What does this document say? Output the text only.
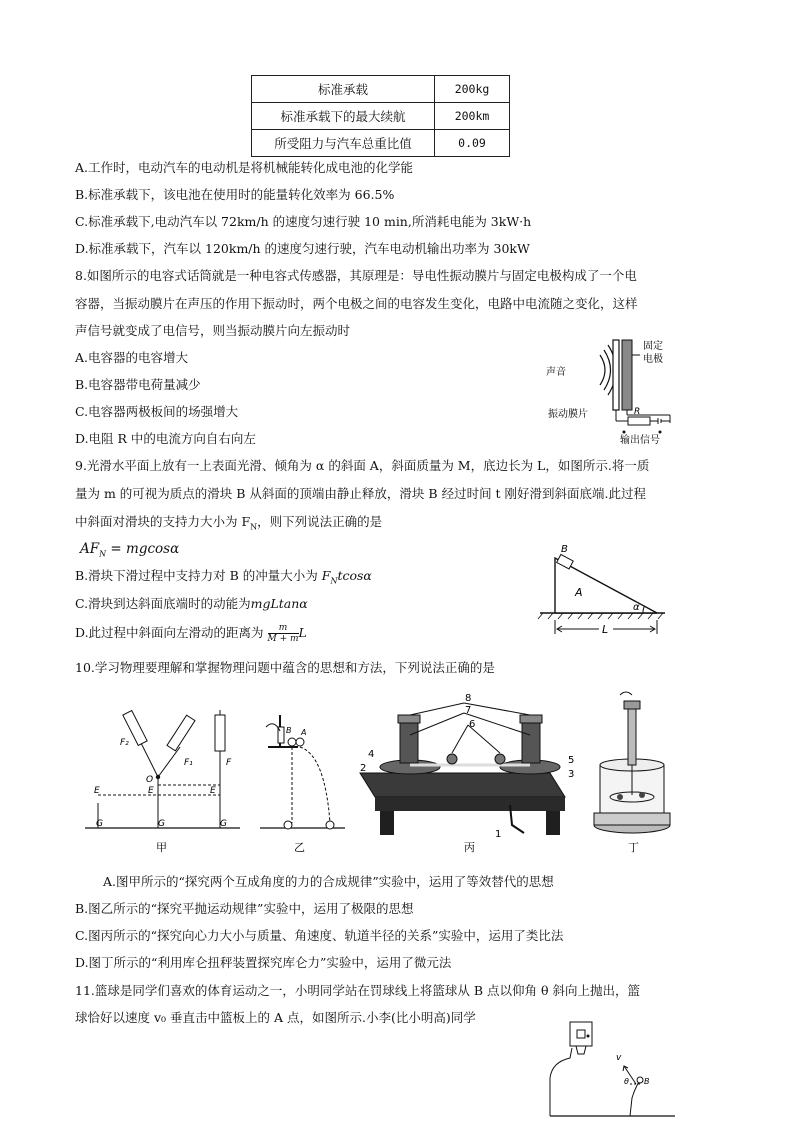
标准承载	200kg
标准承载下的最大续航	200km
所受阻力与汽车总重比值	0.09
A.工作时，电动汽车的电动机是将机械能转化成电池的化学能
B.标准承载下，该电池在使用时的能量转化效率为 66.5%
C.标准承载下,电动汽车以 72km/h 的速度匀速行驶 10 min,所消耗电能为 3kW·h
D.标准承载下，汽车以 120km/h 的速度匀速行驶，汽车电动机输出功率为 30kW
8.如图所示的电容式话筒就是一种电容式传感器，其原理是：导电性振动膜片与固定电极构成了一个电
容器，当振动膜片在声压的作用下振动时，两个电极之间的电容发生变化，电路中电流随之变化，这样
声信号就变成了电信号，则当振动膜片向左振动时
A.电容器的电容增大
B.电容器带电荷量减少
C.电容器两极板间的场强增大
D.电阻 R 中的电流方向自右向左
声音
固定
电极
R
振动膜片
输出信号
9.光滑水平面上放有一上表面光滑、倾角为 α 的斜面 A，斜面质量为 M，底边长为 L，如图所示.将一质
量为 m 的可视为质点的滑块 B 从斜面的顶端由静止释放，滑块 B 经过时间 t 刚好滑到斜面底端.此过程
中斜面对滑块的支持力大小为 $F_N$，则下列说法正确的是
$AF_N = mgcos\alpha$
B.滑块下滑过程中支持力对 B 的冲量大小为 $F_Ntcos\alpha$
C.滑块到达斜面底端时的动能为mgLtanα
D.此过程中斜面向左滑动的距离为 $\frac{m}{M + m}$ L
B
A
α
L
10.学习物理要理解和掌握物理问题中蕴含的思想和方法，下列说法正确的是
F₂
F₁	F
O
E	E	E
G	G	G
甲
B A
乙
8
7
6
4
2
5
3
1
丙	丁
A.图甲所示的“探究两个互成角度的力的合成规律”实验中，运用了等效替代的思想
B.图乙所示的“探究平抛运动规律”实验中，运用了极限的思想
C.图丙所示的“探究向心力大小与质量、角速度、轨道半径的关系”实验中，运用了类比法
D.图丁所示的“利用库仑扭秤装置探究库仑力”实验中，运用了微元法
11.篮球是同学们喜欢的体育运动之一，小明同学站在罚球线上将篮球从 B 点以仰角 θ 斜向上抛出，篮
球恰好以速度 v₀ 垂直击中篮板上的 A 点，如图所示.小李(比小明高)同学
v
θ B
